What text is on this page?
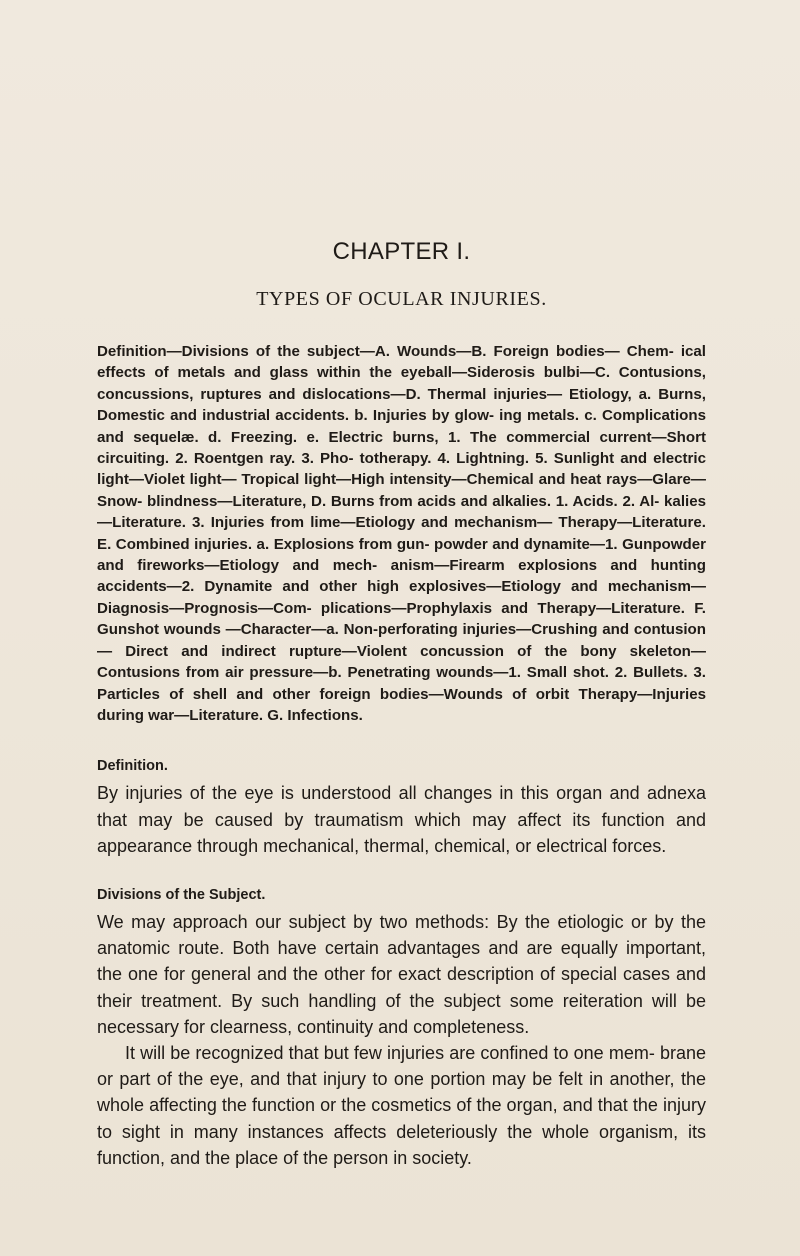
CHAPTER I.
TYPES OF OCULAR INJURIES.

Definition—Divisions of the subject—A. Wounds—B. Foreign bodies— Chem- ical effects of metals and glass within the eyeball—Siderosis bulbi—C. Contusions, concussions, ruptures and dislocations—D. Thermal injuries— Etiology, a. Burns, Domestic and industrial accidents. b. Injuries by glow- ing metals. c. Complications and sequelæ. d. Freezing. e. Electric burns, 1. The commercial current—Short circuiting. 2. Roentgen ray. 3. Pho- totherapy. 4. Lightning. 5. Sunlight and electric light—Violet light— Tropical light—High intensity—Chemical and heat rays—Glare—Snow- blindness—Literature, D. Burns from acids and alkalies. 1. Acids. 2. Al- kalies—Literature. 3. Injuries from lime—Etiology and mechanism— Therapy—Literature. E. Combined injuries. a. Explosions from gun- powder and dynamite—1. Gunpowder and fireworks—Etiology and mech- anism—Firearm explosions and hunting accidents—2. Dynamite and other high explosives—Etiology and mechanism—Diagnosis—Prognosis—Com- plications—Prophylaxis and Therapy—Literature. F. Gunshot wounds —Character—a. Non-perforating injuries—Crushing and contusion— Direct and indirect rupture—Violent concussion of the bony skeleton— Contusions from air pressure—b. Penetrating wounds—1. Small shot. 2. Bullets. 3. Particles of shell and other foreign bodies—Wounds of orbit Therapy—Injuries during war—Literature. G. Infections.

Definition.

By injuries of the eye is understood all changes in this organ and adnexa that may be caused by traumatism which may affect its function and appearance through mechanical, thermal, chemical, or electrical forces.

Divisions of the Subject.

We may approach our subject by two methods: By the etiologic or by the anatomic route. Both have certain advantages and are equally important, the one for general and the other for exact description of special cases and their treatment. By such handling of the subject some reiteration will be necessary for clearness, continuity and completeness.

It will be recognized that but few injuries are confined to one mem- brane or part of the eye, and that injury to one portion may be felt in another, the whole affecting the function or the cosmetics of the organ, and that the injury to sight in many instances affects deleteriously the whole organism, its function, and the place of the person in society.
